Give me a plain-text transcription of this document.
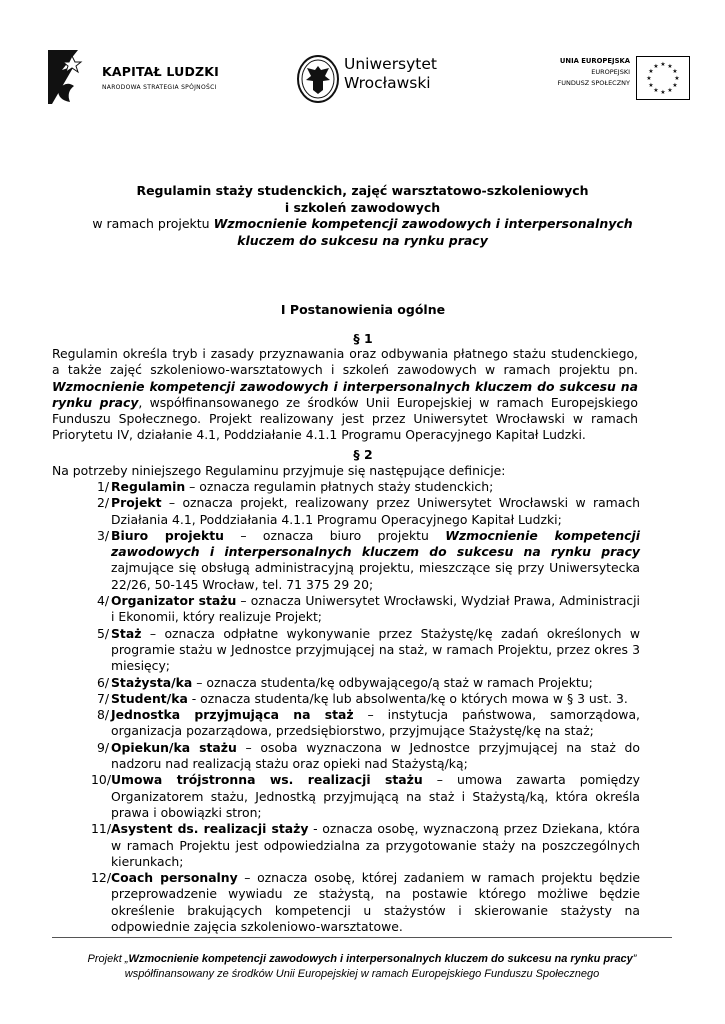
KAPITAŁ LUDZKI
NARODOWA STRATEGIA SPÓJNOŚCI
Uniwersytet
Wrocławski
UNIA EUROPEJSKA
EUROPEJSKI
FUNDUSZ SPOŁECZNY
★ ★
★
★
★
★
★
★
★
★
★
★
Regulamin staży studenckich, zajęć warsztatowo-szkoleniowych
i szkoleń zawodowych
w ramach projektu Wzmocnienie kompetencji zawodowych i interpersonalnych
kluczem do sukcesu na rynku pracy
I Postanowienia ogólne
§ 1
Regulamin określa tryb i zasady przyznawania oraz odbywania płatnego stażu studenckiego, a także zajęć szkoleniowo-warsztatowych i szkoleń zawodowych w ramach projektu pn. Wzmocnienie kompetencji zawodowych i interpersonalnych kluczem do sukcesu na rynku pracy, współfinansowanego ze środków Unii Europejskiej w ramach Europejskiego Funduszu Społecznego. Projekt realizowany jest przez Uniwersytet Wrocławski w ramach Priorytetu IV, działanie 4.1, Poddziałanie 4.1.1 Programu Operacyjnego Kapitał Ludzki.
§ 2
Na potrzeby niniejszego Regulaminu przyjmuje się następujące definicje:
1/ Regulamin – oznacza regulamin płatnych staży studenckich;
2/ Projekt – oznacza projekt, realizowany przez Uniwersytet Wrocławski w ramach Działania 4.1, Poddziałania 4.1.1 Programu Operacyjnego Kapitał Ludzki;
3/ Biuro projektu – oznacza biuro projektu Wzmocnienie kompetencji zawodowych i interpersonalnych kluczem do sukcesu na rynku pracy zajmujące się obsługą administracyjną projektu, mieszczące się przy Uniwersytecka 22/26, 50-145 Wrocław, tel. 71 375 29 20;
4/ Organizator stażu – oznacza Uniwersytet Wrocławski, Wydział Prawa, Administracji i Ekonomii, który realizuje Projekt;
5/ Staż – oznacza odpłatne wykonywanie przez Stażystę/kę zadań określonych w programie stażu w Jednostce przyjmującej na staż, w ramach Projektu, przez okres 3 miesięcy;
6/ Stażysta/ka – oznacza studenta/kę odbywającego/ą staż w ramach Projektu;
7/ Student/ka - oznacza studenta/kę lub absolwenta/kę o których mowa w § 3 ust. 3.
8/ Jednostka przyjmująca na staż – instytucja państwowa, samorządowa, organizacja pozarządowa, przedsiębiorstwo, przyjmujące Stażystę/kę na staż;
9/ Opiekun/ka stażu – osoba wyznaczona w Jednostce przyjmującej na staż do nadzoru nad realizacją stażu oraz opieki nad Stażystą/ką;
10/ Umowa trójstronna ws. realizacji stażu – umowa zawarta pomiędzy Organizatorem stażu, Jednostką przyjmującą na staż i Stażystą/ką, która określa prawa i obowiązki stron;
11/ Asystent ds. realizacji staży - oznacza osobę, wyznaczoną przez Dziekana, która w ramach Projektu jest odpowiedzialna za przygotowanie staży na poszczególnych kierunkach;
12/ Coach personalny – oznacza osobę, której zadaniem w ramach projektu będzie przeprowadzenie wywiadu ze stażystą, na postawie którego możliwe będzie określenie brakujących kompetencji u stażystów i skierowanie stażysty na odpowiednie zajęcia szkoleniowo-warsztatowe.
Projekt „Wzmocnienie kompetencji zawodowych i interpersonalnych kluczem do sukcesu na rynku pracy”
współfinansowany ze środków Unii Europejskiej w ramach Europejskiego Funduszu Społecznego
